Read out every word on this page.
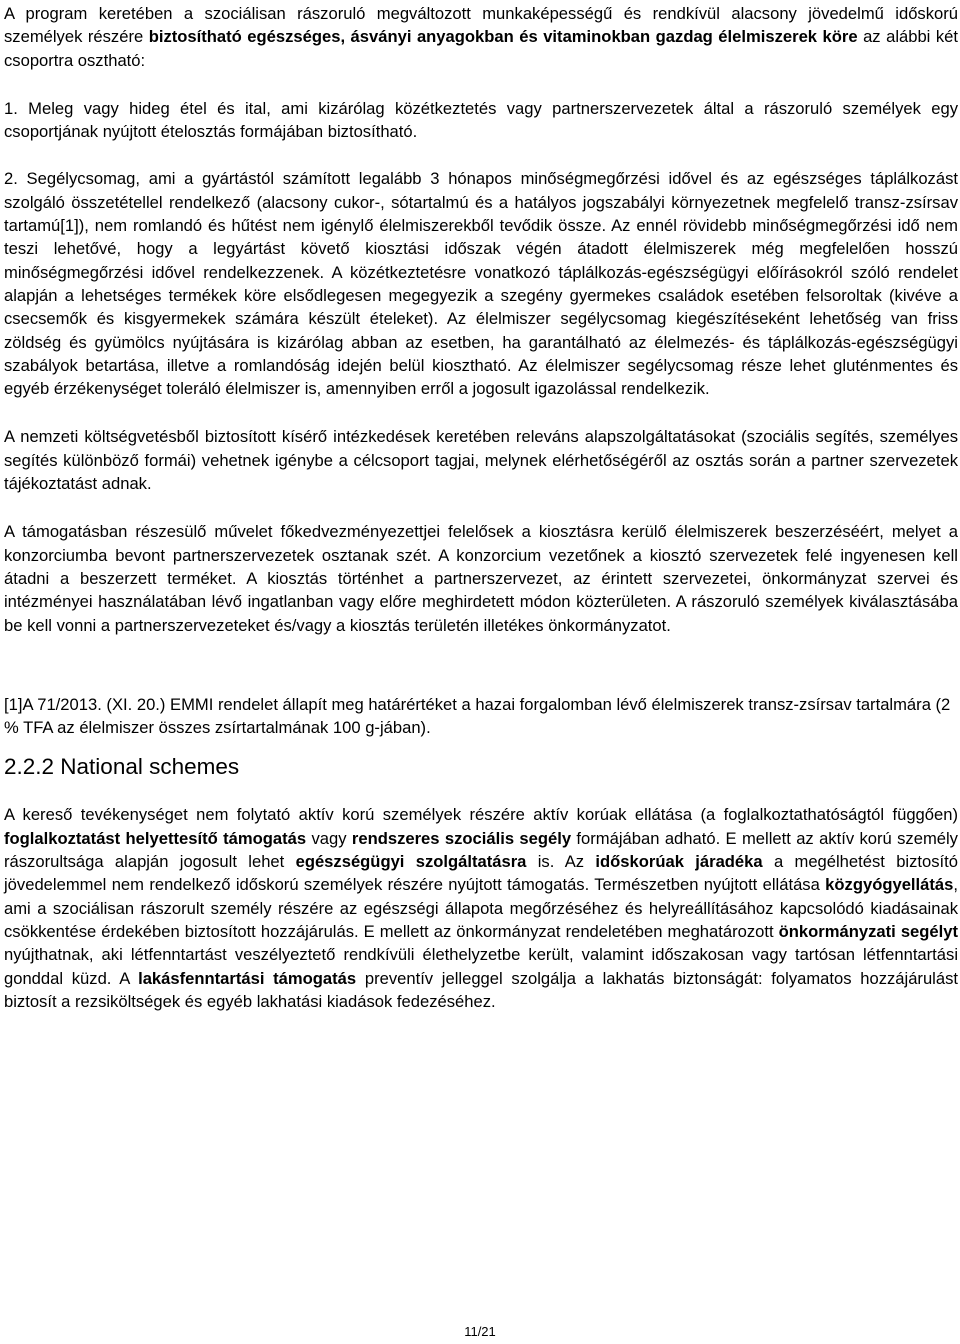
A program keretében a szociálisan rászoruló megváltozott munkaképességű és rendkívül alacsony jövedelmű időskorú személyek részére biztosítható egészséges, ásványi anyagokban és vitaminokban gazdag élelmiszerek köre az alábbi két csoportra osztható:

1. Meleg vagy hideg étel és ital, ami kizárólag közétkeztetés vagy partnerszervezetek által a rászoruló személyek egy csoportjának nyújtott ételosztás formájában biztosítható.

2. Segélycsomag, ami a gyártástól számított legalább 3 hónapos minőségmegőrzési idővel és az egészséges táplálkozást szolgáló összetétellel rendelkező (alacsony cukor-, sótartalmú és a hatályos jogszabályi környezetnek megfelelő transz-zsírsav tartamú[1]), nem romlandó és hűtést nem igénylő élelmiszerekből tevődik össze. Az ennél rövidebb minőségmegőrzési idő nem teszi lehetővé, hogy a legyártást követő kiosztási időszak végén átadott élelmiszerek még megfelelően hosszú minőségmegőrzési idővel rendelkezzenek. A közétkeztetésre vonatkozó táplálkozás-egészségügyi előírásokról szóló rendelet alapján a lehetséges termékek köre elsődlegesen megegyezik a szegény gyermekes családok esetében felsoroltak (kivéve a csecsemők és kisgyermekek számára készült ételeket). Az élelmiszer segélycsomag kiegészítéseként lehetőség van friss zöldség és gyümölcs nyújtására is kizárólag abban az esetben, ha garantálható az élelmezés- és táplálkozás-egészségügyi szabályok betartása, illetve a romlandóság idején belül kiosztható. Az élelmiszer segélycsomag része lehet gluténmentes és egyéb érzékenységet toleráló élelmiszer is, amennyiben erről a jogosult igazolással rendelkezik.

A nemzeti költségvetésből biztosított kísérő intézkedések keretében releváns alapszolgáltatásokat (szociális segítés, személyes segítés különböző formái) vehetnek igénybe a célcsoport tagjai, melynek elérhetőségéről az osztás során a partner szervezetek tájékoztatást adnak.

A támogatásban részesülő művelet főkedvezményezettjei felelősek a kiosztásra kerülő élelmiszerek beszerzéséért, melyet a konzorciumba bevont partnerszervezetek osztanak szét. A konzorcium vezetőnek a kiosztó szervezetek felé ingyenesen kell átadni a beszerzett terméket. A kiosztás történhet a partnerszervezet, az érintett szervezetei, önkormányzat szervei és intézményei használatában lévő ingatlanban vagy előre meghirdetett módon közterületen. A rászoruló személyek kiválasztásába be kell vonni a partnerszervezeteket és/vagy a kiosztás területén illetékes önkormányzatot.

[1]A 71/2013. (XI. 20.) EMMI rendelet állapít meg határértéket a hazai forgalomban lévő élelmiszerek transz-zsírsav tartalmára (2 % TFA az élelmiszer összes zsírtartalmának 100 g-jában).

2.2.2 National schemes

A kereső tevékenységet nem folytató aktív korú személyek részére aktív korúak ellátása (a foglalkoztathatóságtól függően) foglalkoztatást helyettesítő támogatás vagy rendszeres szociális segély formájában adható. E mellett az aktív korú személy rászorultsága alapján jogosult lehet egészségügyi szolgáltatásra is. Az időskorúak járadéka a megélhetést biztosító jövedelemmel nem rendelkező időskorú személyek részére nyújtott támogatás. Természetben nyújtott ellátása közgyógyellátás, ami a szociálisan rászorult személy részére az egészségi állapota megőrzéséhez és helyreállításához kapcsolódó kiadásainak csökkentése érdekében biztosított hozzájárulás. E mellett az önkormányzat rendeletében meghatározott önkormányzati segélyt nyújthatnak, aki létfenntartást veszélyeztető rendkívüli élethelyzetbe került, valamint időszakosan vagy tartósan létfenntartási gonddal küzd. A lakásfenntartási támogatás preventív jelleggel szolgálja a lakhatás biztonságát: folyamatos hozzájárulást biztosít a rezsiköltségek és egyéb lakhatási kiadások fedezéséhez.

11/21
